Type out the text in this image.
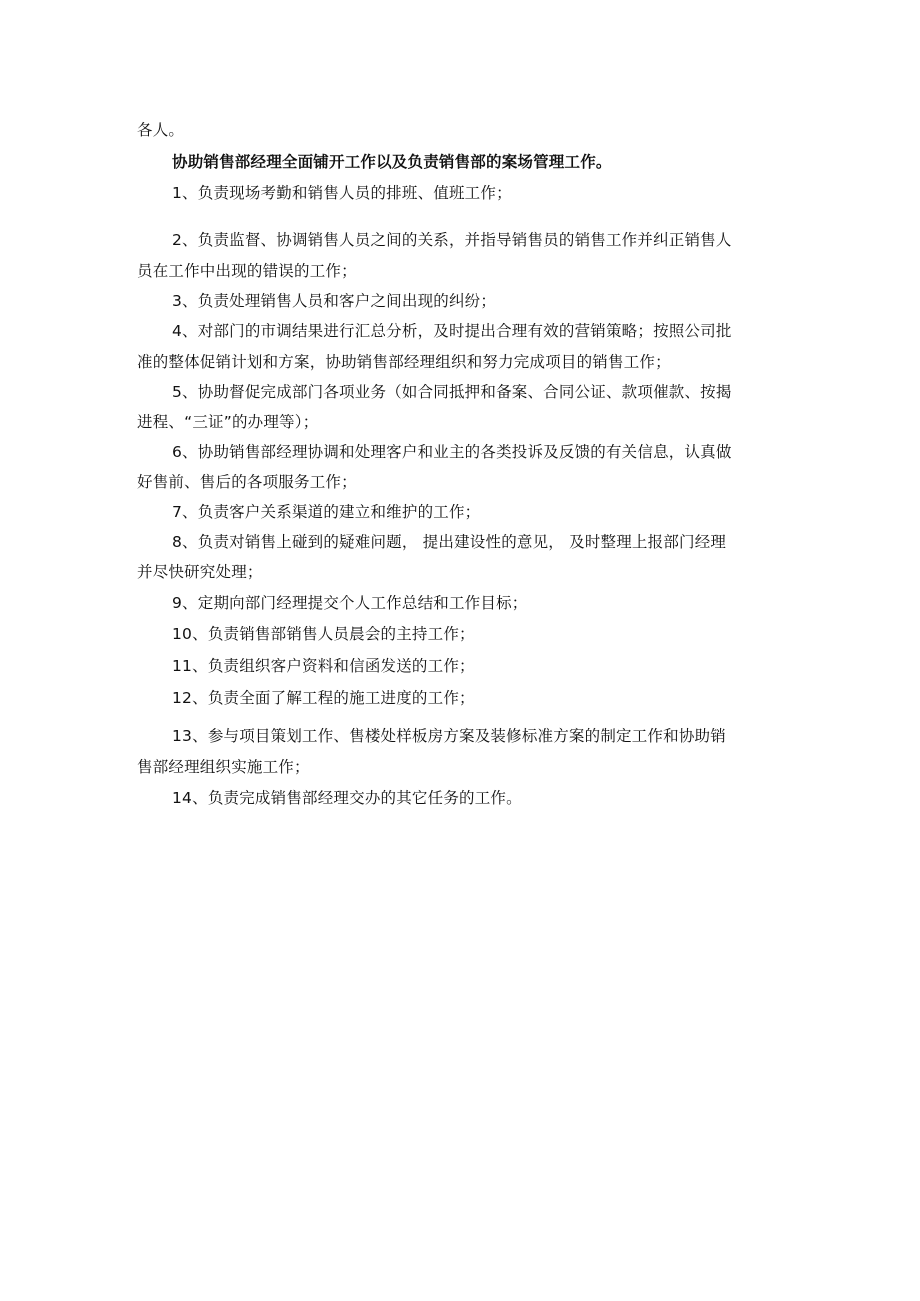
各人。
协助销售部经理全面铺开工作以及负责销售部的案场管理工作。
1、负责现场考勤和销售人员的排班、值班工作；
2、负责监督、协调销售人员之间的关系，并指导销售员的销售工作并纠正销售人
员在工作中出现的错误的工作；
3、负责处理销售人员和客户之间出现的纠纷；
4、对部门的市调结果进行汇总分析，及时提出合理有效的营销策略；按照公司批
准的整体促销计划和方案，协助销售部经理组织和努力完成项目的销售工作；
5、协助督促完成部门各项业务（如合同抵押和备案、合同公证、款项催款、按揭
进程、“三证”的办理等）；
6、协助销售部经理协调和处理客户和业主的各类投诉及反馈的有关信息，认真做
好售前、售后的各项服务工作；
7、负责客户关系渠道的建立和维护的工作；
8、负责对销售上碰到的疑难问题， 提出建设性的意见， 及时整理上报部门经理
并尽快研究处理；
9、定期向部门经理提交个人工作总结和工作目标；
10、负责销售部销售人员晨会的主持工作；
11、负责组织客户资料和信函发送的工作；
12、负责全面了解工程的施工进度的工作；
13、参与项目策划工作、售楼处样板房方案及装修标准方案的制定工作和协助销
售部经理组织实施工作；
14、负责完成销售部经理交办的其它任务的工作。
